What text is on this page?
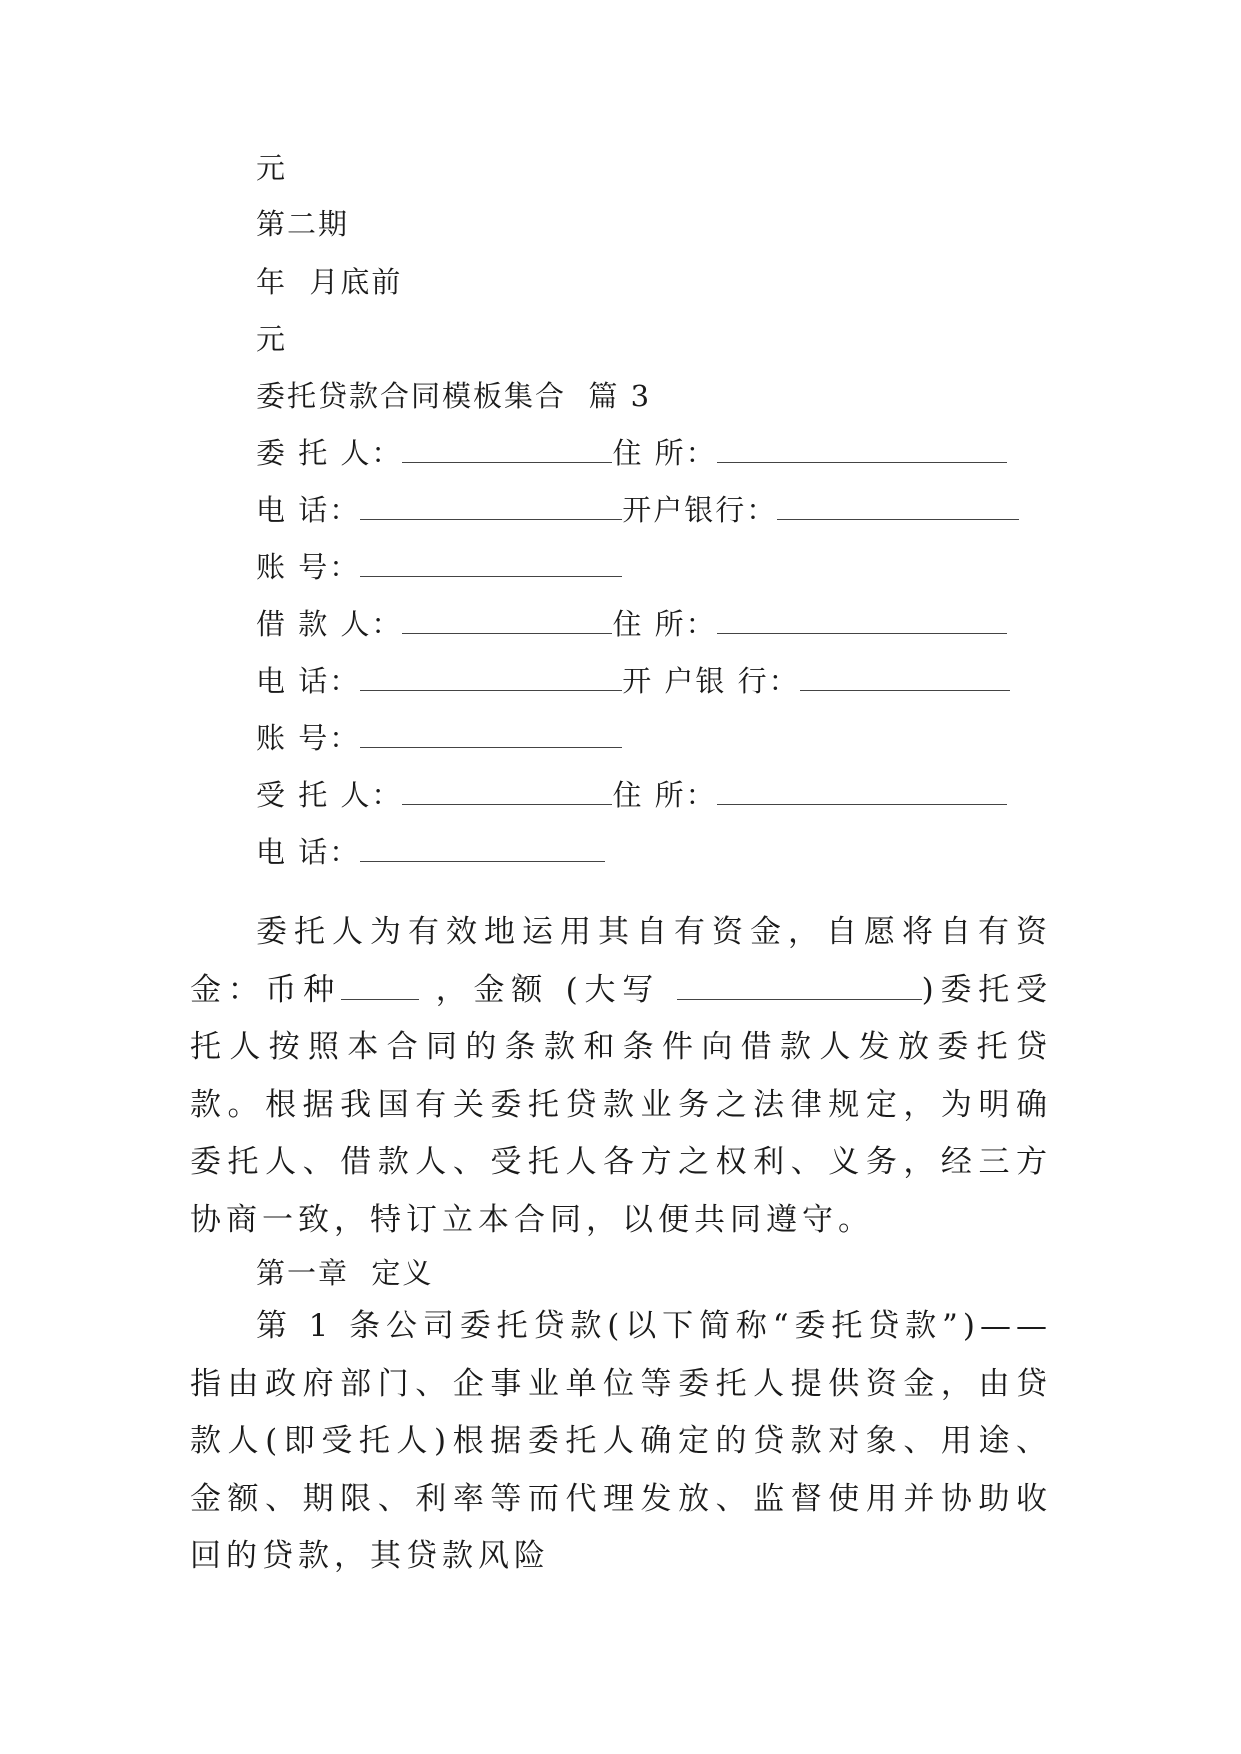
元
第二期
年  月底前
元
委托贷款合同模板集合  篇 3
委 托 人：	住 所：
电 话：	开户银行：
账 号：
借 款 人：	住 所：
电 话：	开 户银 行：
账 号：
受 托 人：	住 所：
电 话：

委托人为有效地运用其自有资金，自愿将自有资金：币种	，金额 (大写	)委托受托人按照本合同的条款和条件向借款人发放委托贷款。根据我国有关委托贷款业务之法律规定，为明确委托人、借款人、受托人各方之权利、义务，经三方协商一致，特订立本合同，以便共同遵守。

第一章  定义

第 1 条公司委托贷款(以下简称“委托贷款”)——指由政府部门、企事业单位等委托人提供资金，由贷款人(即受托人)根据委托人确定的贷款对象、用途、金额、期限、利率等而代理发放、监督使用并协助收回的贷款，其贷款风险
